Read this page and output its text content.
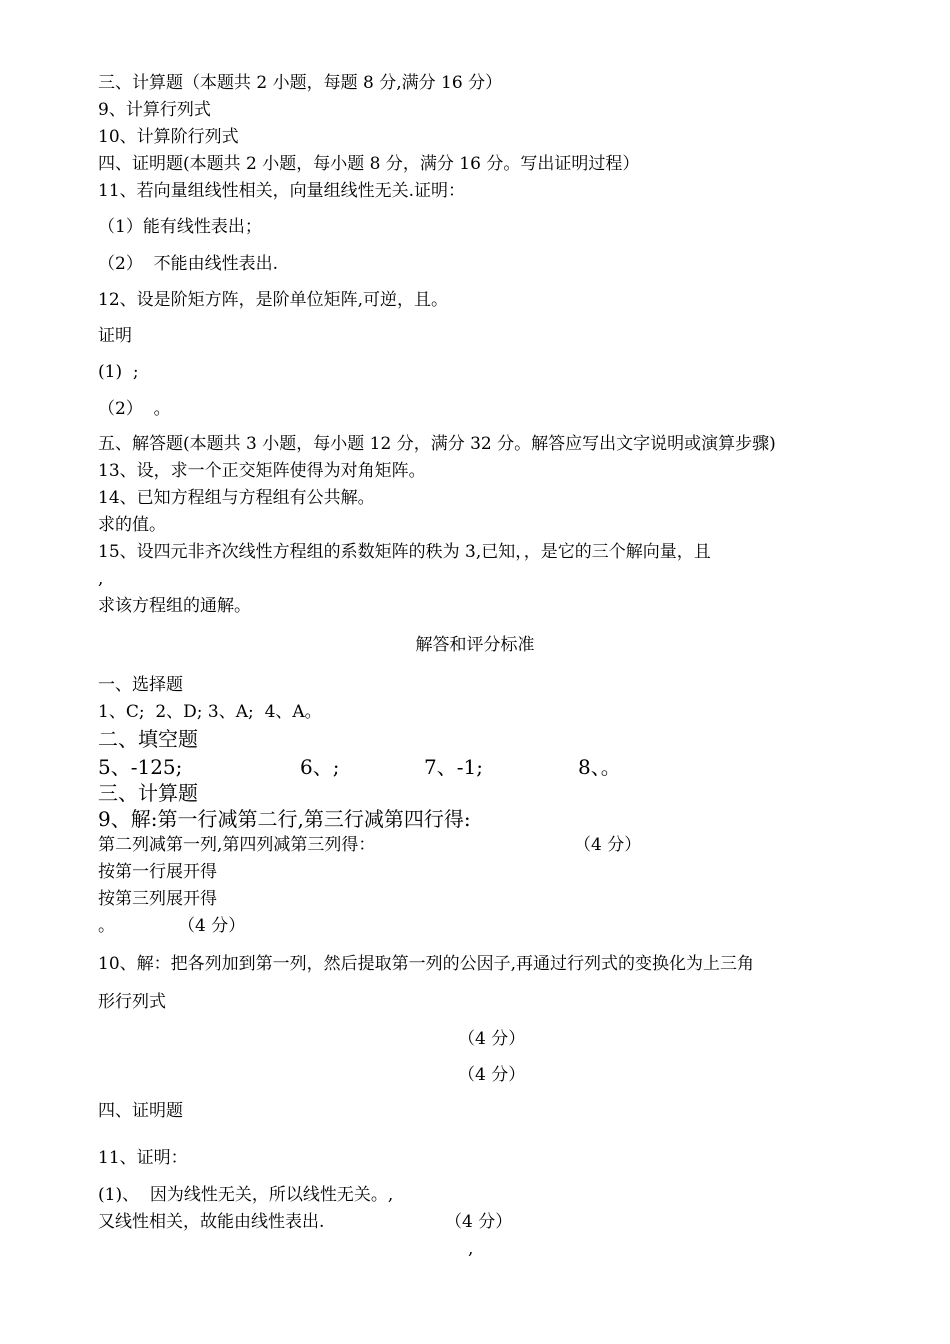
三、计算题（本题共 2 小题，每题 8 分,满分 16 分）
9、计算行列式
10、计算阶行列式
四、证明题(本题共 2 小题，每小题 8 分，满分 16 分。写出证明过程）
11、若向量组线性相关，向量组线性无关.证明：
（1）能有线性表出；
（2）  不能由线性表出.
12、设是阶矩方阵，是阶单位矩阵,可逆，且。
证明
(1)  ;
（2）  。
五、解答题(本题共 3 小题，每小题 12 分，满分 32 分。解答应写出文字说明或演算步骤)
13、设，求一个正交矩阵使得为对角矩阵。
14、已知方程组与方程组有公共解。
求的值。
15、设四元非齐次线性方程组的系数矩阵的秩为 3,已知，，是它的三个解向量，且
,
求该方程组的通解。
解答和评分标准
一、选择题
1、C;  2、D; 3、A;  4、A。
二、填空题
5、-125;	6、;	7、-1;	8、。
三、计算题
9、解:第一行减第二行,第三行减第四行得:
第二列减第一列,第四列减第三列得：	（4 分）
按第一行展开得
按第三列展开得
。	（4 分）
10、解：把各列加到第一列，然后提取第一列的公因子,再通过行列式的变换化为上三角
形行列式
（4 分）
（4 分）
四、证明题
11、证明：
(1)、  因为线性无关，所以线性无关。,
又线性相关，故能由线性表出.	（4 分）
,
